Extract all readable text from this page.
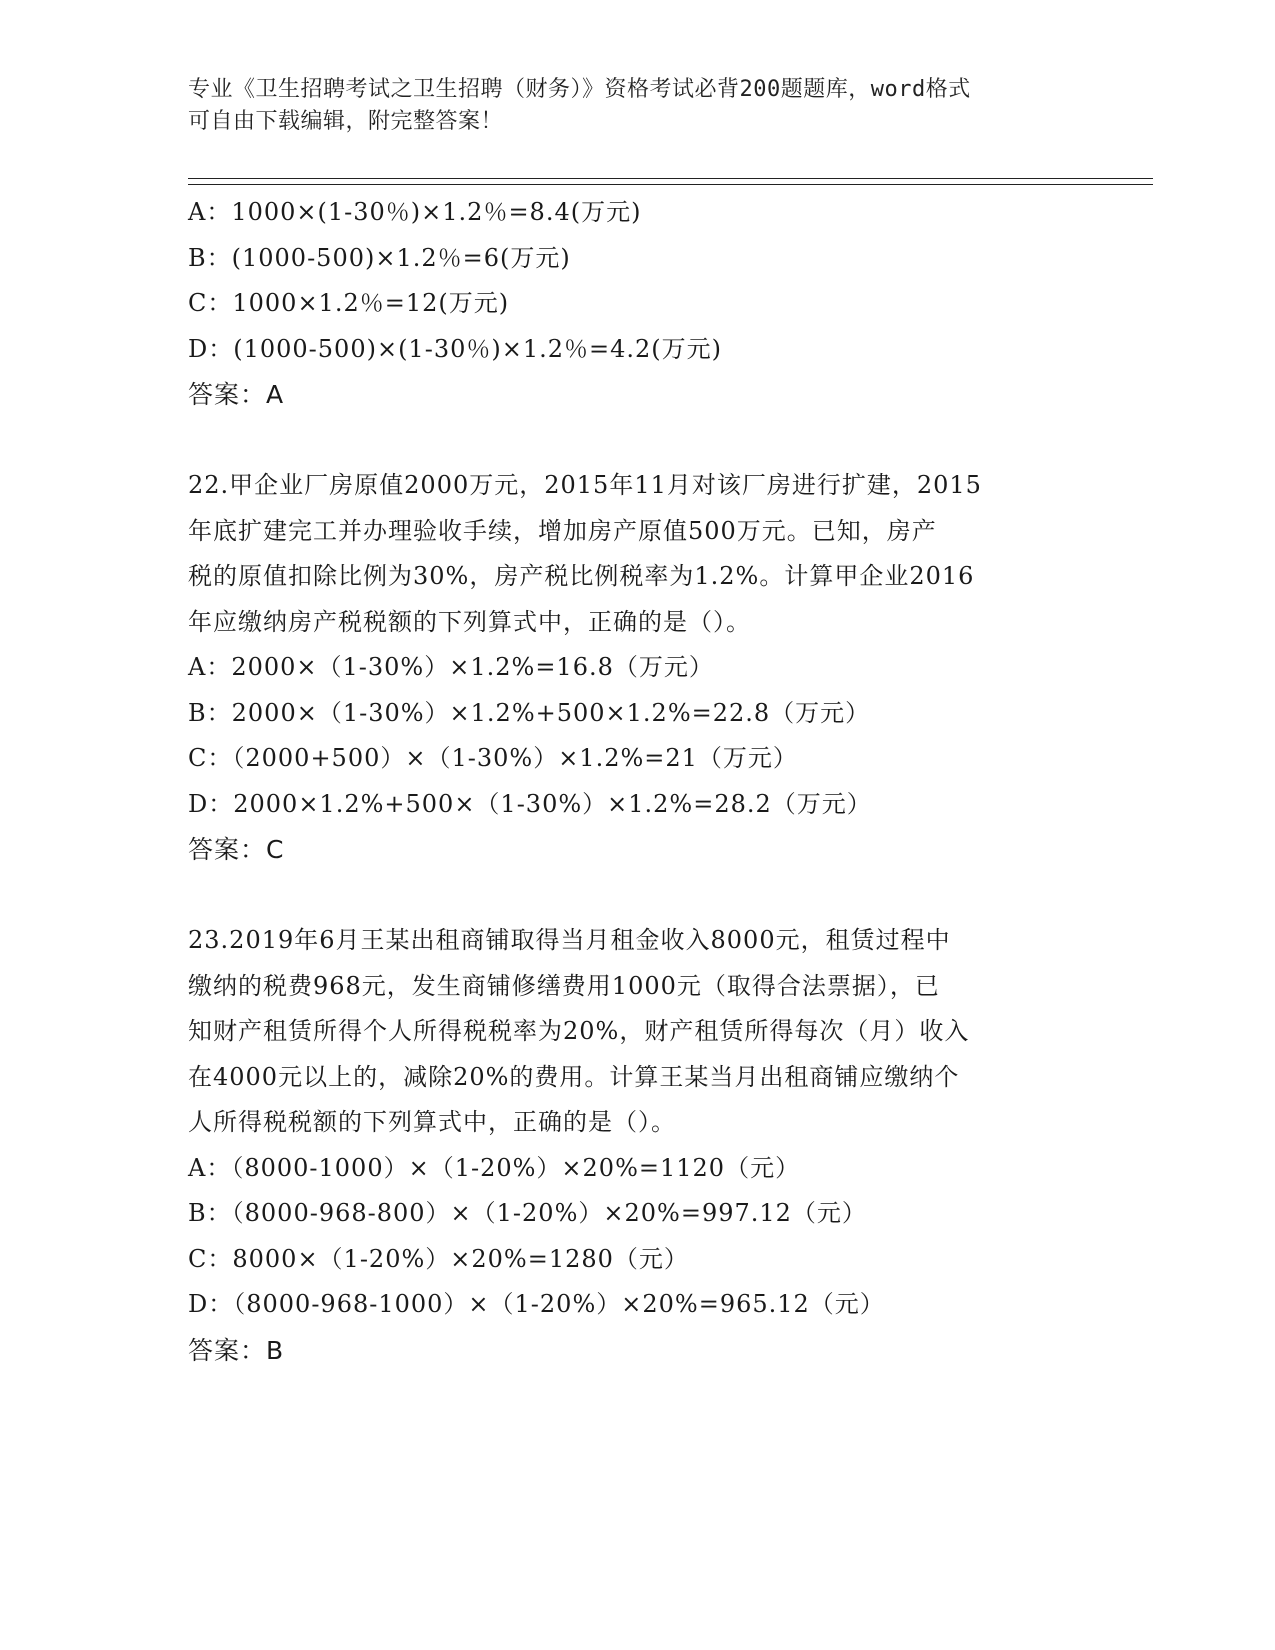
专业《卫生招聘考试之卫生招聘（财务）》资格考试必背200题题库，word格式
可自由下载编辑，附完整答案！
A：1000×(1-30％)×1.2％=8.4(万元)
B：(1000-500)×1.2％=6(万元)
C：1000×1.2％=12(万元)
D：(1000-500)×(1-30％)×1.2％=4.2(万元)
答案：A
22.甲企业厂房原值2000万元，2015年11月对该厂房进行扩建，2015
年底扩建完工并办理验收手续，增加房产原值500万元。已知，房产
税的原值扣除比例为30%，房产税比例税率为1.2%。计算甲企业2016
年应缴纳房产税税额的下列算式中，正确的是（）。
A：2000×（1-30%）×1.2%=16.8（万元）
B：2000×（1-30%）×1.2%+500×1.2%=22.8（万元）
C：（2000+500）×（1-30%）×1.2%=21（万元）
D：2000×1.2%+500×（1-30%）×1.2%=28.2（万元）
答案：C
23.2019年6月王某出租商铺取得当月租金收入8000元，租赁过程中
缴纳的税费968元，发生商铺修缮费用1000元（取得合法票据），已
知财产租赁所得个人所得税税率为20%，财产租赁所得每次（月）收入
在4000元以上的，减除20%的费用。计算王某当月出租商铺应缴纳个
人所得税税额的下列算式中，正确的是（）。
A：（8000-1000）×（1-20%）×20%=1120（元）
B：（8000-968-800）×（1-20%）×20%=997.12（元）
C：8000×（1-20%）×20%=1280（元）
D：（8000-968-1000）×（1-20%）×20%=965.12（元）
答案：B
